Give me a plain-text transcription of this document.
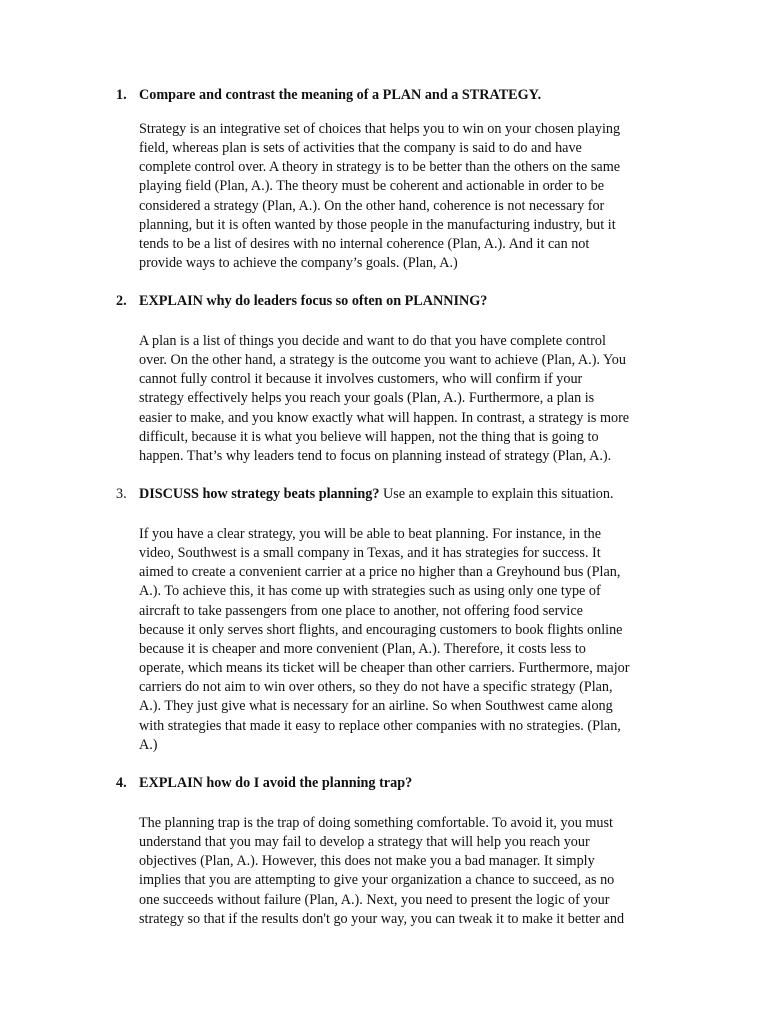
1. Compare and contrast the meaning of a PLAN and a STRATEGY.

Strategy is an integrative set of choices that helps you to win on your chosen playing
field, whereas plan is sets of activities that the company is said to do and have
complete control over. A theory in strategy is to be better than the others on the same
playing field (Plan, A.). The theory must be coherent and actionable in order to be
considered a strategy (Plan, A.). On the other hand, coherence is not necessary for
planning, but it is often wanted by those people in the manufacturing industry, but it
tends to be a list of desires with no internal coherence (Plan, A.). And it can not
provide ways to achieve the company’s goals. (Plan, A.)

2. EXPLAIN why do leaders focus so often on PLANNING?

A plan is a list of things you decide and want to do that you have complete control
over. On the other hand, a strategy is the outcome you want to achieve (Plan, A.). You
cannot fully control it because it involves customers, who will confirm if your
strategy effectively helps you reach your goals (Plan, A.). Furthermore, a plan is
easier to make, and you know exactly what will happen. In contrast, a strategy is more
difficult, because it is what you believe will happen, not the thing that is going to
happen. That’s why leaders tend to focus on planning instead of strategy (Plan, A.).

3. DISCUSS how strategy beats planning? Use an example to explain this situation.

If you have a clear strategy, you will be able to beat planning. For instance, in the
video, Southwest is a small company in Texas, and it has strategies for success. It
aimed to create a convenient carrier at a price no higher than a Greyhound bus (Plan,
A.). To achieve this, it has come up with strategies such as using only one type of
aircraft to take passengers from one place to another, not offering food service
because it only serves short flights, and encouraging customers to book flights online
because it is cheaper and more convenient (Plan, A.). Therefore, it costs less to
operate, which means its ticket will be cheaper than other carriers. Furthermore, major
carriers do not aim to win over others, so they do not have a specific strategy (Plan,
A.). They just give what is necessary for an airline. So when Southwest came along
with strategies that made it easy to replace other companies with no strategies. (Plan,
A.)

4. EXPLAIN how do I avoid the planning trap?

The planning trap is the trap of doing something comfortable. To avoid it, you must
understand that you may fail to develop a strategy that will help you reach your
objectives (Plan, A.). However, this does not make you a bad manager. It simply
implies that you are attempting to give your organization a chance to succeed, as no
one succeeds without failure (Plan, A.). Next, you need to present the logic of your
strategy so that if the results don't go your way, you can tweak it to make it better and
